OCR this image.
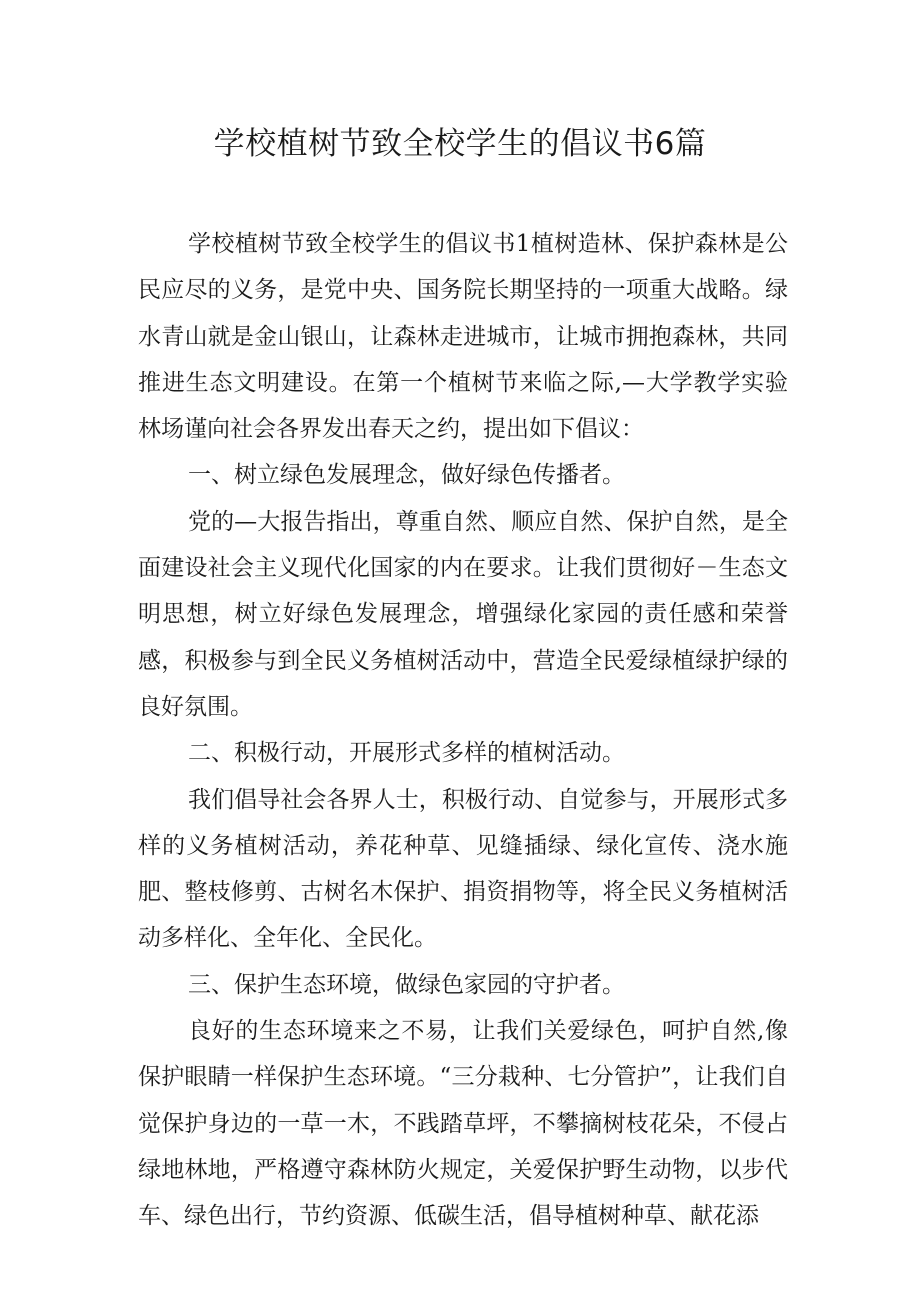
学校植树节致全校学生的倡议书6篇

学校植树节致全校学生的倡议书1植树造林、保护森林是公民应尽的义务，是党中央、国务院长期坚持的一项重大战略。绿水青山就是金山银山，让森林走进城市，让城市拥抱森林，共同推进生态文明建设。在第一个植树节来临之际,—大学教学实验林场谨向社会各界发出春天之约，提出如下倡议：

一、树立绿色发展理念，做好绿色传播者。

党的—大报告指出，尊重自然、顺应自然、保护自然，是全面建设社会主义现代化国家的内在要求。让我们贯彻好－生态文明思想，树立好绿色发展理念，增强绿化家园的责任感和荣誉感，积极参与到全民义务植树活动中，营造全民爱绿植绿护绿的良好氛围。

二、积极行动，开展形式多样的植树活动。

我们倡导社会各界人士，积极行动、自觉参与，开展形式多样的义务植树活动，养花种草、见缝插绿、绿化宣传、浇水施肥、整枝修剪、古树名木保护、捐资捐物等，将全民义务植树活动多样化、全年化、全民化。

三、保护生态环境，做绿色家园的守护者。

良好的生态环境来之不易，让我们关爱绿色，呵护自然,像保护眼睛一样保护生态环境。“三分栽种、七分管护”，让我们自觉保护身边的一草一木，不践踏草坪，不攀摘树枝花朵，不侵占绿地林地，严格遵守森林防火规定，关爱保护野生动物，以步代车、绿色出行，节约资源、低碳生活，倡导植树种草、献花添
